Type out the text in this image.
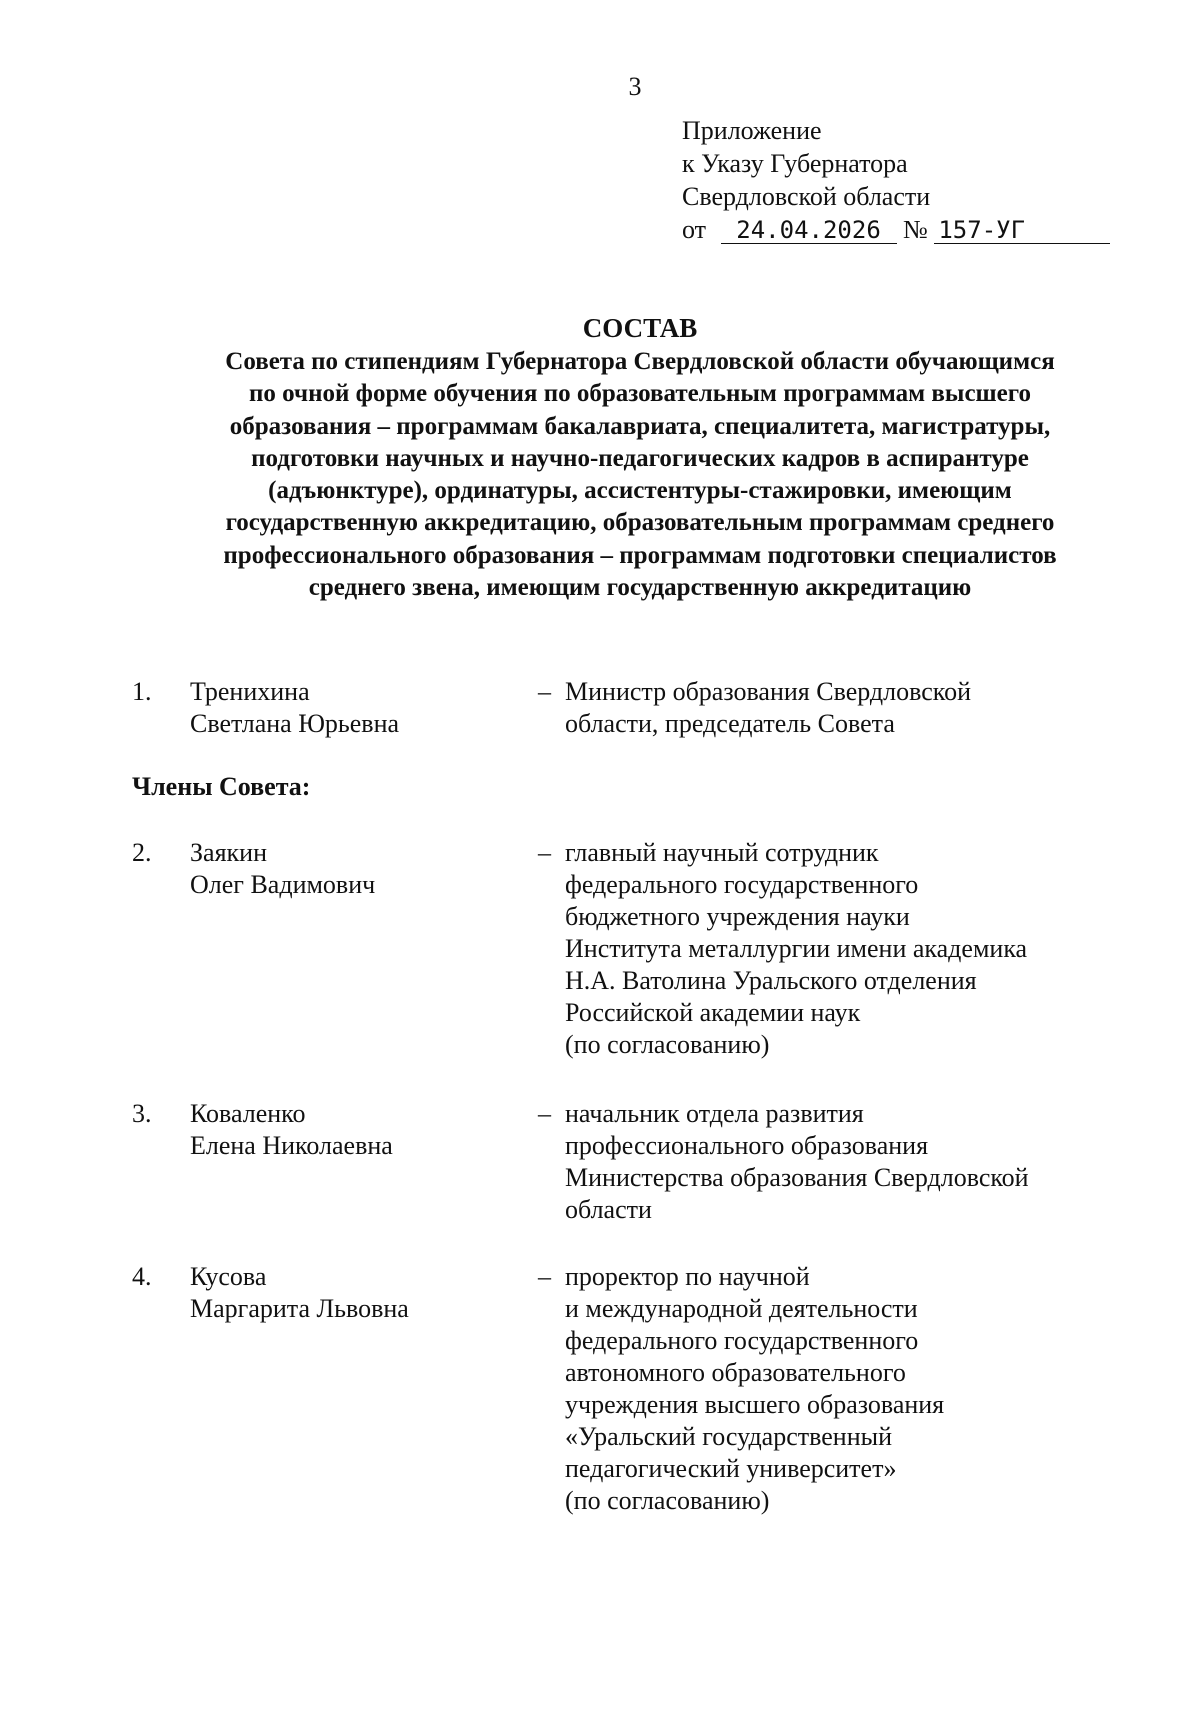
3
Приложение
к Указу Губернатора
Свердловской области
от 24.04.2026 № 157-УГ
СОСТАВ
Совета по стипендиям Губернатора Свердловской области обучающимся
по очной форме обучения по образовательным программам высшего
образования – программам бакалавриата, специалитета, магистратуры,
подготовки научных и научно-педагогических кадров в аспирантуре
(адъюнктуре), ординатуры, ассистентуры-стажировки, имеющим
государственную аккредитацию, образовательным программам среднего
профессионального образования – программам подготовки специалистов
среднего звена, имеющим государственную аккредитацию
1. Тренихина
Светлана Юрьевна
– Министр образования Свердловской
области, председатель Совета
Члены Совета:
2. Заякин
Олег Вадимович
– главный научный сотрудник
федерального государственного
бюджетного учреждения науки
Института металлургии имени академика
Н.А. Ватолина Уральского отделения
Российской академии наук
(по согласованию)
3. Коваленко
Елена Николаевна
– начальник отдела развития
профессионального образования
Министерства образования Свердловской
области
4. Кусова
Маргарита Львовна
– проректор по научной
и международной деятельности
федерального государственного
автономного образовательного
учреждения высшего образования
«Уральский государственный
педагогический университет»
(по согласованию)
